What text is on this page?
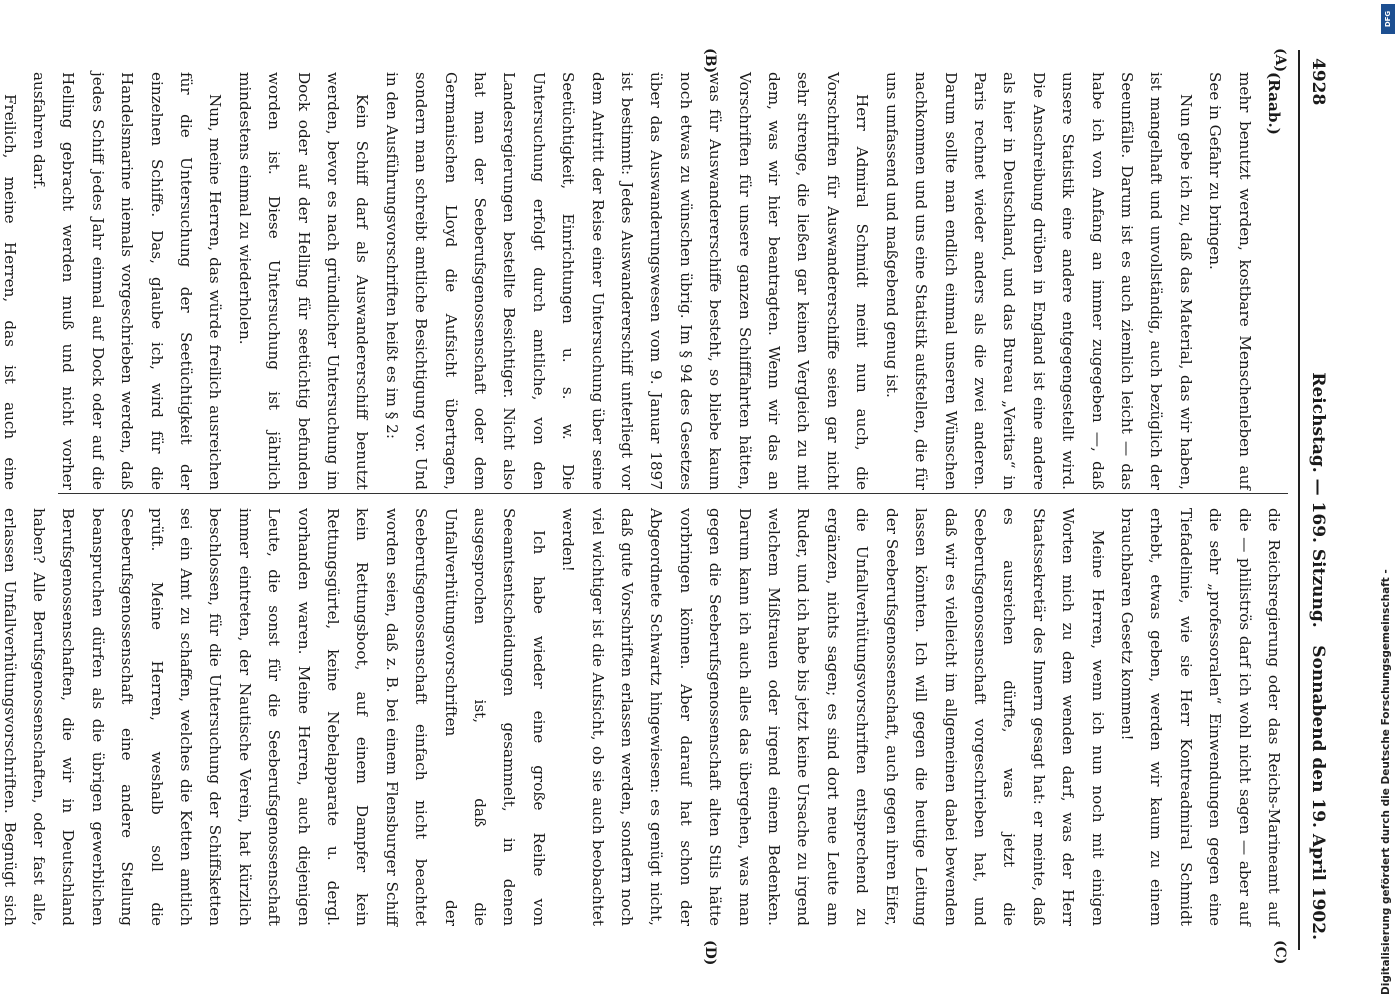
4928
Reichstag. — 169. Sitzung.
Sonnabend den 19. April 1902.
(A)
(B)
(C)
(D)

(Raab.)

mehr benutzt werden, kostbare Menschenleben auf See in Gefahr zu bringen.

Nun gebe ich zu, daß das Material, das wir haben, ist mangelhaft und unvollständig, auch bezüglich der Seeunfälle. Darum ist es auch ziemlich leicht — das habe ich von Anfang an immer zugegeben —, daß unsere Statistik eine andere entgegengestellt wird. Die Anschreibung drüben in England ist eine andere als hier in Deutschland, und das Bureau „Veritas“ in Paris rechnet wieder anders als die zwei anderen. Darum sollte man endlich einmal unseren Wünschen nachkommen und uns eine Statistik aufstellen, die für uns umfassend und maßgebend genug ist.

Herr Admiral Schmidt meint nun auch, die Vorschriften für Auswandererschiffe seien gar nicht sehr strenge, die ließen gar keinen Vergleich zu mit dem, was wir hier beantragten. Wenn wir das an Vorschriften für unsere ganzen Schifffahrten hätten, was für Auswandererschiffe besteht, so bliebe kaum noch etwas zu wünschen übrig. Im § 94 des Gesetzes über das Auswanderungswesen vom 9. Januar 1897 ist bestimmt: Jedes Auswandererschiff unterliegt vor dem Antritt der Reise einer Untersuchung über seine Seetüchtigkeit, Einrichtungen u. s. w. Die Untersuchung erfolgt durch amtliche, von den Landesregierungen bestellte Besichtiger. Nicht also hat man der Seeberufsgenossenschaft oder dem Germanischen Lloyd die Aufsicht übertragen, sondern man schreibt amtliche Besichtigung vor. Und in den Ausführungsvorschriften heißt es im § 2:

Kein Schiff darf als Auswandererschiff benutzt werden, bevor es nach gründlicher Untersuchung im Dock oder auf der Helling für seetüchtig befunden worden ist. Diese Untersuchung ist jährlich mindestens einmal zu wiederholen.

Nun, meine Herren, das würde freilich ausreichen für die Untersuchung der Seetüchtigkeit der einzelnen Schiffe. Das, glaube ich, wird für die Handelsmarine niemals vorgeschrieben werden, daß jedes Schiff jedes Jahr einmal auf Dock oder auf die Helling gebracht werden muß und nicht vorher ausfahren darf.

Freilich, meine Herren, das ist auch eine

die Reichsregierung oder das Reichs-Marineamt auf die — philiströs darf ich wohl nicht sagen — aber auf die sehr „professoralen“ Einwendungen gegen eine Tiefadelinie, wie sie Herr Kontreadmiral Schmidt erhebt, etwas geben, werden wir kaum zu einem brauchbaren Gesetz kommen!

Meine Herren, wenn ich nun noch mit einigen Worten mich zu dem wenden darf, was der Herr Staatssekretär des Innern gesagt hat: er meinte, daß es ausreichen dürfte, was jetzt die Seeberufsgenossenschaft vorgeschrieben hat, und daß wir es vielleicht im allgemeinen dabei bewenden lassen könnten. Ich will gegen die heutige Leitung der Seeberufsgenossenschaft, auch gegen ihren Eifer, die Unfallverhütungsvorschriften entsprechend zu ergänzen, nichts sagen; es sind dort neue Leute am Ruder, und ich habe bis jetzt keine Ursache zu irgend welchem Mißtrauen oder irgend einem Bedenken. Darum kann ich auch alles das übergehen, was man gegen die Seeberufsgenossenschaft alten Stils hätte vorbringen können. Aber darauf hat schon der Abgeordnete Schwartz hingewiesen: es genügt nicht, daß gute Vorschriften erlassen werden, sondern noch viel wichtiger ist die Aufsicht, ob sie auch beobachtet werden!

Ich habe wieder eine große Reihe von Seeamtsentscheidungen gesammelt, in denen ausgesprochen ist, daß die Unfallverhütungsvorschriften der Seeberufsgenossenschaft einfach nicht beachtet worden seien, daß z. B. bei einem Flensburger Schiff kein Rettungsboot, auf einem Dampfer kein Rettungsgürtel, keine Nebelapparate u. dergl. vorhanden waren. Meine Herren, auch diejenigen Leute, die sonst für die Seeberufsgenossenschaft immer eintreten, der Nautische Verein, hat kürzlich beschlossen, für die Untersuchung der Schiffsketten sei ein Amt zu schaffen, welches die Ketten amtlich prüft. Meine Herren, weshalb soll die Seeberufsgenossenschaft eine andere Stellung beanspruchen dürfen als die übrigen gewerblichen Berufsgenossenschaften, die wir in Deutschland haben? Alle Berufsgenossenschaften, oder fast alle, erlassen Unfallverhütungsvorschriften. Begnügt sich	Digitalisierung gefördert durch die Deutsche Forschungsgemeinschaft -
DFG
